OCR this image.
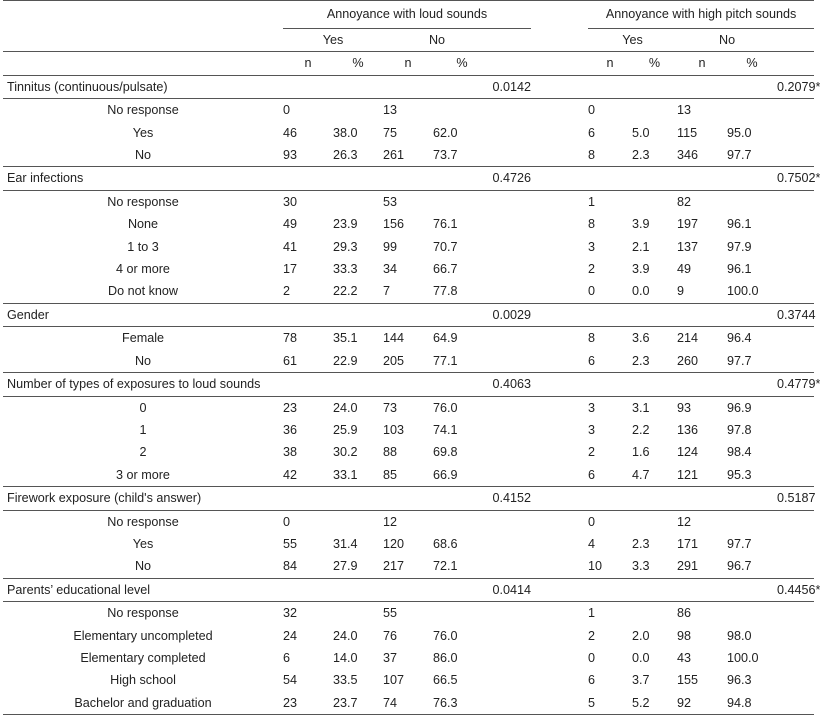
	Annoyance with loud sounds						Annoyance with high pitch sounds					
	Yes		No				Yes		No			
	n	%	n	%			n	%	n	%		
Tinnitus (continuous/pulsate)					0.0142						0.2079*	
No response	0		13				0		13			
Yes	46	38.0	75	62.0			6	5.0	115	95.0		
No	93	26.3	261	73.7			8	2.3	346	97.7		
Ear infections					0.4726						0.7502*	
No response	30		53				1		82			
None	49	23.9	156	76.1			8	3.9	197	96.1		
1 to 3	41	29.3	99	70.7			3	2.1	137	97.9		
4 or more	17	33.3	34	66.7			2	3.9	49	96.1		
Do not know	2	22.2	7	77.8			0	0.0	9	100.0		
Gender					0.0029						0.3744	
Female	78	35.1	144	64.9			8	3.6	214	96.4		
No	61	22.9	205	77.1			6	2.3	260	97.7		
Number of types of exposures to loud sounds					0.4063						0.4779*	
0	23	24.0	73	76.0			3	3.1	93	96.9		
1	36	25.9	103	74.1			3	2.2	136	97.8		
2	38	30.2	88	69.8			2	1.6	124	98.4		
3 or more	42	33.1	85	66.9			6	4.7	121	95.3		
Firework exposure (child's answer)					0.4152						0.5187	
No response	0		12				0		12			
Yes	55	31.4	120	68.6			4	2.3	171	97.7		
No	84	27.9	217	72.1			10	3.3	291	96.7		
Parents’ educational level					0.0414						0.4456*	
No response	32		55				1		86			
Elementary uncompleted	24	24.0	76	76.0			2	2.0	98	98.0		
Elementary completed	6	14.0	37	86.0			0	0.0	43	100.0		
High school	54	33.5	107	66.5			6	3.7	155	96.3		
Bachelor and graduation	23	23.7	74	76.3			5	5.2	92	94.8		
